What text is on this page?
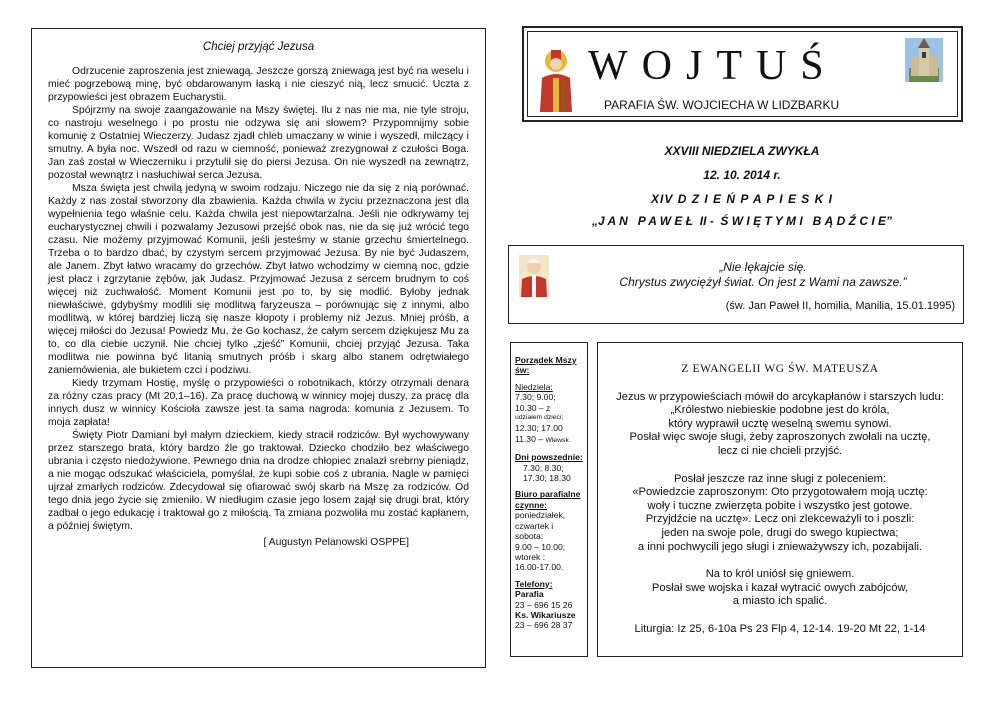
Chciej przyjąć Jezusa

Odrzucenie zaproszenia jest zniewagą. Jeszcze gorszą zniewagą jest być na weselu i mieć pogrzebową minę, być obdarowanym łaską i nie cieszyć nią, lecz smucić. Uczta z przypowieści jest obrazem Eucharystii.

Spójrzmy na swoje zaangażowanie na Mszy świętej. Ilu z nas nie ma, nie tyle stroju, co nastroju weselnego i po prostu nie odzywa się ani słowem? Przypomnijmy sobie komunię z Ostatniej Wieczerzy. Judasz zjadł chleb umaczany w winie i wyszedł, milczący i smutny. A była noc. Wszedł od razu w ciemność, ponieważ zrezygnował z czułości Boga. Jan zaś został w Wieczerniku i przytulił się do piersi Jezusa. On nie wyszedł na zewnątrz, pozostał wewnątrz i nasłuchiwał serca Jezusa.

Msza święta jest chwilą jedyną w swoim rodzaju. Niczego nie da się z nią porównać. Każdy z nas został stworzony dla zbawienia. Każda chwila w życiu przeznaczona jest dla wypełnienia tego właśnie celu. Każda chwila jest niepowtarzalna. Jeśli nie odkrywamy tej eucharystycznej chwili i pozwalamy Jezusowi przejść obok nas, nie da się już wrócić tego czasu. Nie możemy przyjmować Komunii, jeśli jesteśmy w stanie grzechu śmiertelnego. Trzeba o to bardzo dbać, by czystym sercem przyjmować Jezusa. By nie być Judaszem, ale Janem. Zbyt łatwo wracamy do grzechów. Zbyt łatwo wchodzimy w ciemną noc, gdzie jest płacz i zgrzytanie zębów, jak Judasz. Przyjmować Jezusa z sercem brudnym to coś więcej niż zuchwałość. Moment Komunii jest po to, by się modlić. Byłoby jednak niewłaściwe, gdybyśmy modlili się modlitwą faryzeusza – porównując się z innymi, albo modlitwą, w której bardziej liczą się nasze kłopoty i problemy niż Jezus. Mniej próśb, a więcej miłości do Jezusa! Powiedz Mu, że Go kochasz, że całym sercem dziękujesz Mu za to, co dla ciebie uczynił. Nie chciej tylko „zjeść” Komunii, chciej przyjąć Jezusa. Taka modlitwa nie powinna być litanią smutnych próśb i skarg albo stanem odrętwiałego zaniemówienia, ale bukietem czci i podziwu.

Kiedy trzymam Hostię, myślę o przypowieści o robotnikach, którzy otrzymali denara za różny czas pracy (Mt 20,1–16). Za pracę duchową w winnicy mojej duszy, za pracę dla innych dusz w winnicy Kościoła zawsze jest ta sama nagroda: komunia z Jezusem. To moja zapłata!

Święty Piotr Damiani był małym dzieckiem, kiedy stracił rodziców. Był wychowywany przez starszego brata, który bardzo źle go traktował. Dziecko chodziło bez właściwego ubrania i często niedożywione. Pewnego dnia na drodze chłopiec znalazł srebrny pieniądz, a nie mogąc odszukać właściciela, pomyślał, że kupi sobie coś z ubrania. Nagle w pamięci ujrzał zmarłych rodziców. Zdecydował się ofiarować swój skarb na Mszę za rodziców. Od tego dnia jego życie się zmieniło. W niedługim czasie jego losem zajął się drugi brat, który zadbał o jego edukację i traktował go z miłością. Ta zmiana pozwoliła mu zostać kapłanem, a później świętym.

[ Augustyn Pelanowski OSPPE]
WOJTUŚ
PARAFIA ŚW. WOJCIECHA W LIDZBARKU
XXVIII NIEDZIELA ZWYKŁA
12. 10. 2014 r.
XIV D Z I E Ń P A P I E S K I
„J A N   P A W E Ł  II -  Ś W I Ę T Y M I   B Ą D Ź C I E”
„Nie lękajcie się.
Chrystus zwyciężył świat. On jest z Wami na zawsze.”
(św. Jan Paweł II, homilia, Manilia, 15.01.1995)
Porządek Mszy św:
Niedziela:
7.30; 9.00;
10.30 – z
udziałem dzieci;
12.30; 17.00
11.30 – Wlewsk
Dni powszednie:
7.30; 8.30;
17.30; 18.30
Biuro parafialne czynne:
poniedziałek,
czwartek i
sobota:
9.00 – 10.00;
wtorek :
16.00-17.00.
Telefony:
Parafia
23 – 696 15 26
Ks. Wikariusze
23 – 696 28 37
Z EWANGELII WG ŚW. MATEUSZA
Jezus w przypowieściach mówił do arcykapłanów i starszych ludu:
„Królestwo niebieskie podobne jest do króla,
który wyprawił ucztę weselną swemu synowi.
Posłał więc swoje sługi, żeby zaproszonych zwołali na ucztę,
lecz ci nie chcieli przyjść.
Posłał jeszcze raz inne sługi z poleceniem:
«Powiedzcie zaproszonym: Oto przygotowałem moją ucztę:
woły i tuczne zwierzęta pobite i wszystko jest gotowe.
Przyjdźcie na ucztę». Lecz oni zlekceważyli to i poszli:
jeden na swoje pole, drugi do swego kupiectwa;
a inni pochwycili jego sługi i znieważywszy ich, pozabijali.
Na to król uniósł się gniewem.
Posłał swe wojska i kazał wytracić owych zabójców,
a miasto ich spalić.
Liturgia: Iz 25, 6-10a Ps 23 Flp 4, 12-14. 19-20 Mt 22, 1-14
